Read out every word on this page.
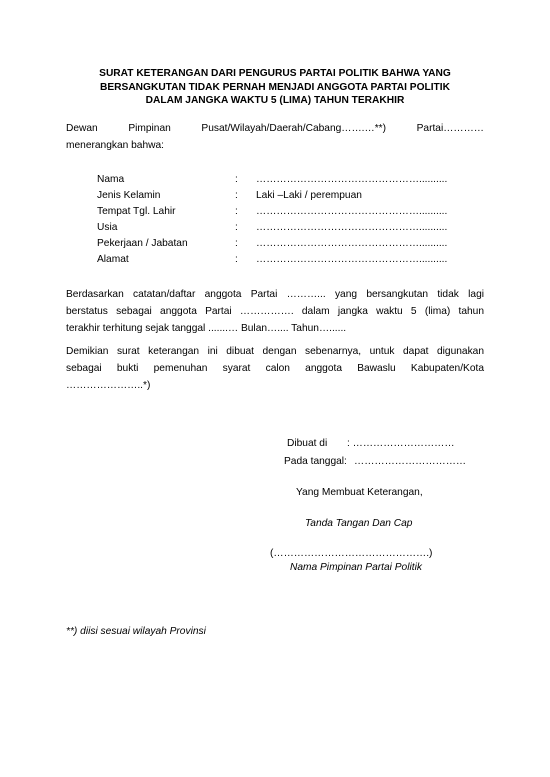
SURAT KETERANGAN DARI PENGURUS PARTAI POLITIK BAHWA YANG
BERSANGKUTAN TIDAK PERNAH MENJADI ANGGOTA PARTAI POLITIK
DALAM JANGKA WAKTU 5 (LIMA) TAHUN TERAKHIR
Dewan	Pimpinan	Pusat/Wilayah/Daerah/Cabang…….…**)	Partai…………
menerangkan bahwa:
Nama	: …………………………………………..........
Jenis Kelamin	: Laki –Laki / perempuan
Tempat Tgl. Lahir	: …………………………………………..........
Usia	: …………………………………………..........
Pekerjaan / Jabatan	: …………………………………………..........
Alamat	: …………………………………………..........
Berdasarkan catatan/daftar anggota Partai ………... yang bersangkutan tidak lagi
berstatus sebagai anggota Partai ……………. dalam jangka waktu 5 (lima) tahun
terakhir terhitung sejak tanggal .......… Bulan….... Tahun…......
Demikian surat keterangan ini dibuat dengan sebenarnya, untuk dapat digunakan
sebagai bukti pemenuhan syarat calon anggota Bawaslu Kabupaten/Kota
…………………..*)
Dibuat di : …………………………
Pada tanggal: ……………………………
Yang Membuat Keterangan,
Tanda Tangan Dan Cap
(……………………………………….)
Nama Pimpinan Partai Politik
**) diisi sesuai wilayah Provinsi
